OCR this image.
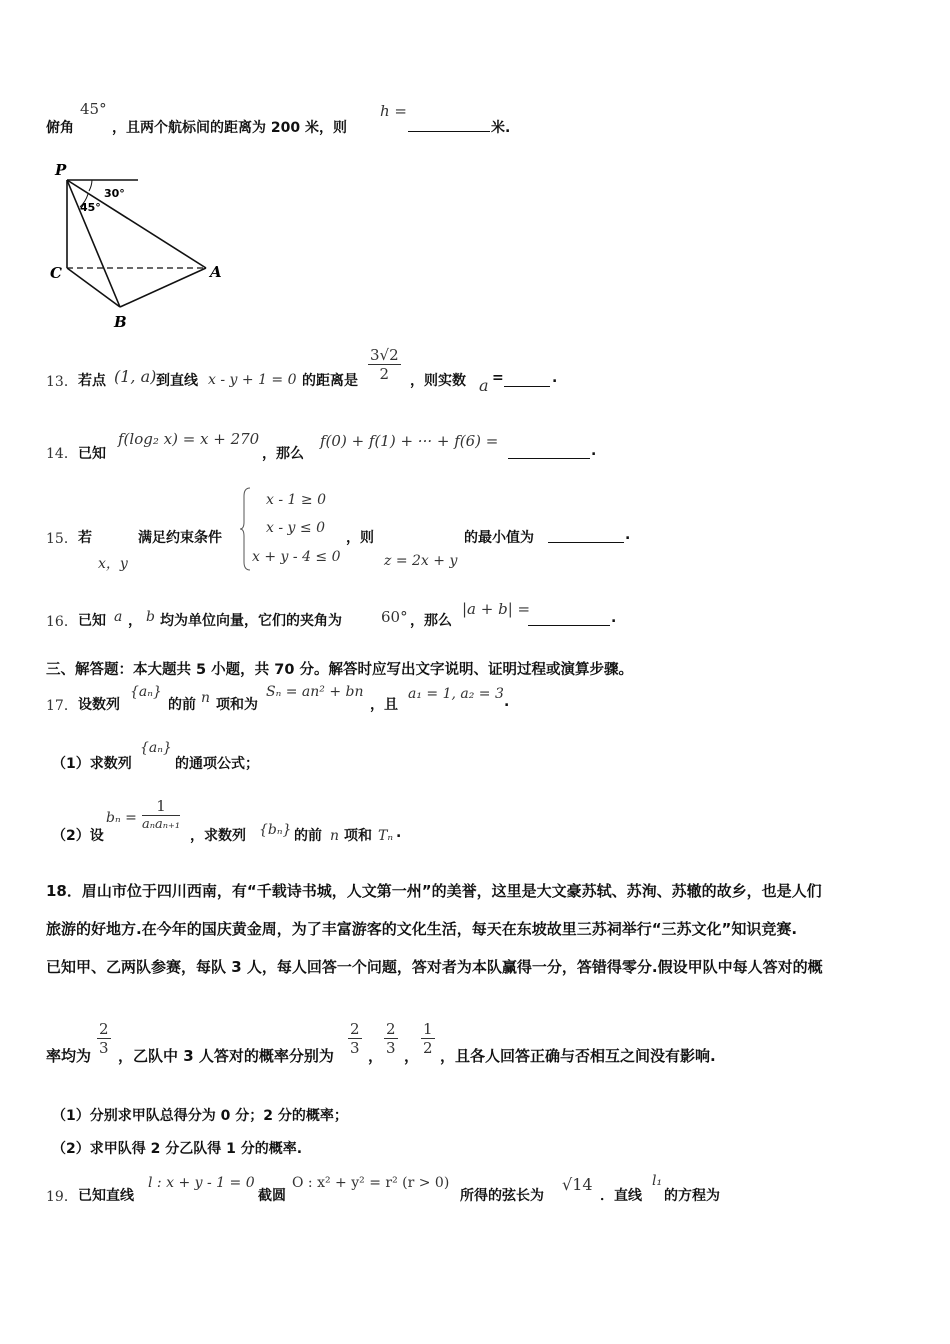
俯角
45°
，且两个航标间的距离为 200 米，则
h =
米.
P
C	A
B
30°
45°
13． 若点 (1, a) 到直线 x - y + 1 = 0 的距离是 $\frac{3√2}{2}$ ，则实数 a =	.
14． 已知
f(log₂ x) = x + 270
，那么
f(0) + f(1) + ··· + f(6) =
.
15． 若
x，y
满足约束条件
x - 1 ≥ 0
x - y ≤ 0
x + y - 4 ≤ 0
，则
z = 2x + y
的最小值为	.
16． 已知 a ， b 均为单位向量，它们的夹角为	60° ，那么
|a + b| =	.
三、解答题：本大题共 5 小题，共 70 分。解答时应写出文字说明、证明过程或演算步骤。
17． 设数列
{aₙ}
的前 n 项和为
Sₙ = an² + bn
，且
a₁ = 1, a₂ = 3 .
（1）求数列
{aₙ}
的通项公式；
（2）设
bₙ =
1
aₙaₙ₊₁
，求数列 {bₙ} 的前 n 项和 Tₙ .
18．眉山市位于四川西南，有“千载诗书城，人文第一州”的美誉，这里是大文豪苏轼、苏洵、苏辙的故乡，也是人们
旅游的好地方.在今年的国庆黄金周，为了丰富游客的文化生活，每天在东坡故里三苏祠举行“三苏文化”知识竞赛.
已知甲、乙两队参赛，每队 3 人，每人回答一个问题，答对者为本队赢得一分，答错得零分.假设甲队中每人答对的概
率均为 $\frac{2}{3}$ ，乙队中 3 人答对的概率分别为 $\frac{2}{3}$ ， $\frac{2}{3}$ ， $\frac{1}{2}$ ，且各人回答正确与否相互之间没有影响.
（1）分别求甲队总得分为 0 分；2 分的概率；
（2）求甲队得 2 分乙队得 1 分的概率.
19． 已知直线
l : x + y - 1 = 0
截圆
O : x² + y² = r² (r > 0)
所得的弦长为
√14
．直线
l₁
的方程为
